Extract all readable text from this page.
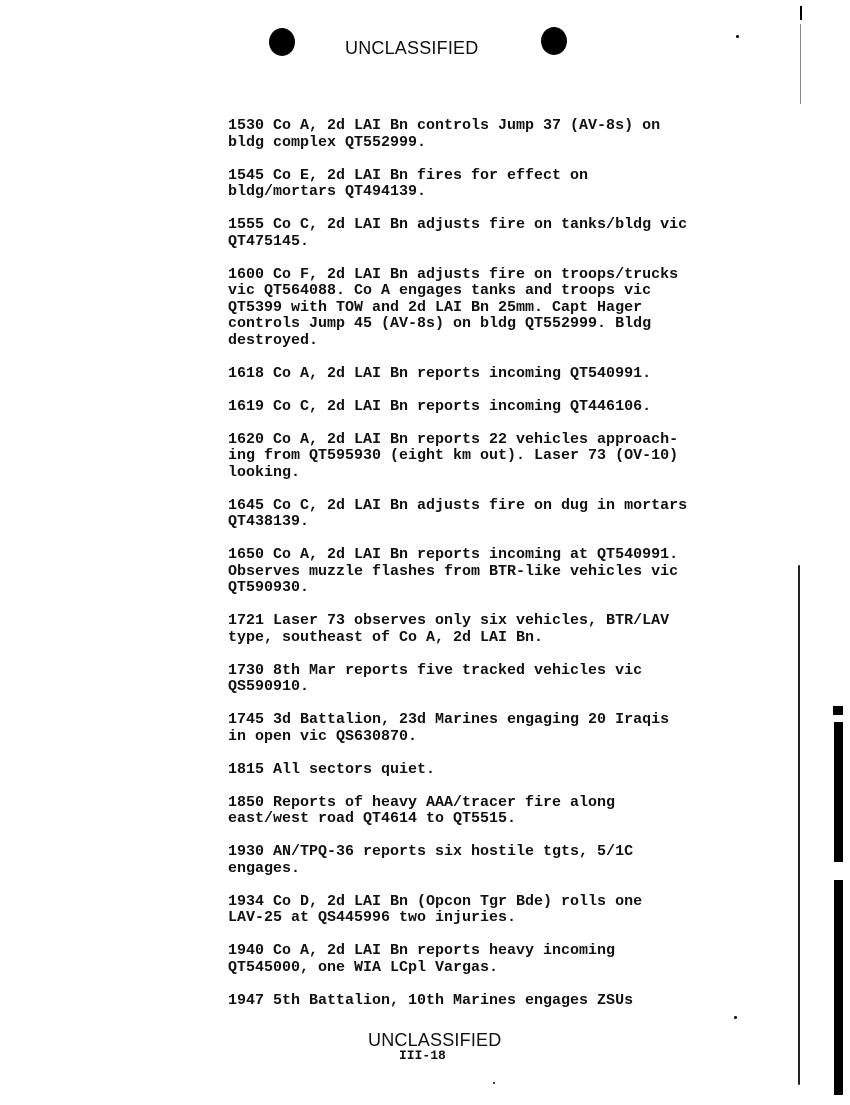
UNCLASSIFIED

1530 Co A, 2d LAI Bn controls Jump 37 (AV-8s) on
bldg complex QT552999.

1545 Co E, 2d LAI Bn fires for effect on
bldg/mortars QT494139.

1555 Co C, 2d LAI Bn adjusts fire on tanks/bldg vic
QT475145.

1600 Co F, 2d LAI Bn adjusts fire on troops/trucks
vic QT564088. Co A engages tanks and troops vic
QT5399 with TOW and 2d LAI Bn 25mm. Capt Hager
controls Jump 45 (AV-8s) on bldg QT552999. Bldg
destroyed.

1618 Co A, 2d LAI Bn reports incoming QT540991.

1619 Co C, 2d LAI Bn reports incoming QT446106.

1620 Co A, 2d LAI Bn reports 22 vehicles approach-
ing from QT595930 (eight km out). Laser 73 (OV-10)
looking.

1645 Co C, 2d LAI Bn adjusts fire on dug in mortars
QT438139.

1650 Co A, 2d LAI Bn reports incoming at QT540991.
Observes muzzle flashes from BTR-like vehicles vic
QT590930.

1721 Laser 73 observes only six vehicles, BTR/LAV
type, southeast of Co A, 2d LAI Bn.

1730 8th Mar reports five tracked vehicles vic
QS590910.

1745 3d Battalion, 23d Marines engaging 20 Iraqis
in open vic QS630870.

1815 All sectors quiet.

1850 Reports of heavy AAA/tracer fire along
east/west road QT4614 to QT5515.

1930 AN/TPQ-36 reports six hostile tgts, 5/1C
engages.

1934 Co D, 2d LAI Bn (Opcon Tgr Bde) rolls one
LAV-25 at QS445996 two injuries.

1940 Co A, 2d LAI Bn reports heavy incoming
QT545000, one WIA LCpl Vargas.

1947 5th Battalion, 10th Marines engages ZSUs

UNCLASSIFIED
III-18
